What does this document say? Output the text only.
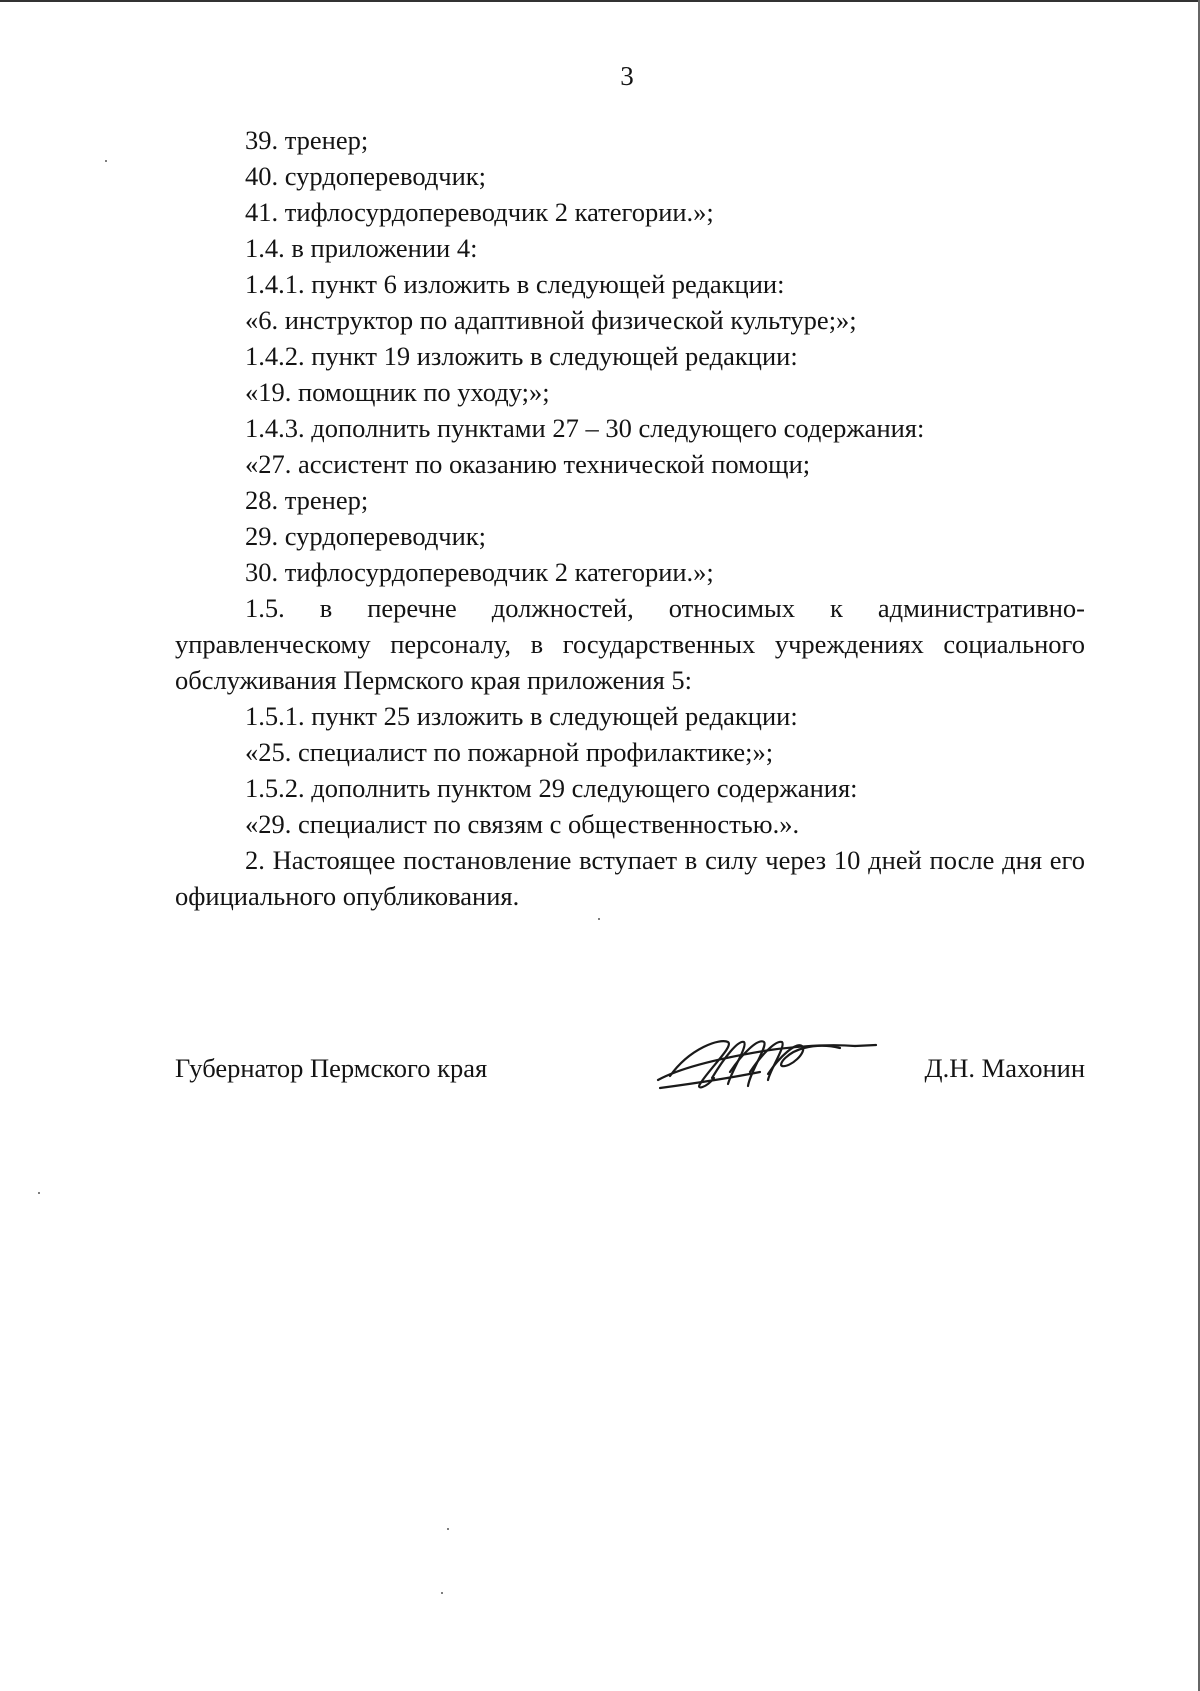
3
39. тренер;
40. сурдопереводчик;
41. тифлосурдопереводчик 2 категории.»;
1.4. в приложении 4:
1.4.1. пункт 6 изложить в следующей редакции:
«6. инструктор по адаптивной физической культуре;»;
1.4.2. пункт 19 изложить в следующей редакции:
«19. помощник по уходу;»;
1.4.3. дополнить пунктами 27 – 30 следующего содержания:
«27. ассистент по оказанию технической помощи;
28. тренер;
29. сурдопереводчик;
30. тифлосурдопереводчик 2 категории.»;
1.5. в перечне должностей, относимых к административно-управленческому персоналу, в государственных учреждениях социального обслуживания Пермского края приложения 5:
1.5.1. пункт 25 изложить в следующей редакции:
«25. специалист по пожарной профилактике;»;
1.5.2. дополнить пунктом 29 следующего содержания:
«29. специалист по связям с общественностью.».
2. Настоящее постановление вступает в силу через 10 дней после дня его официального опубликования.
Губернатор Пермского края	Д.Н. Махонин
